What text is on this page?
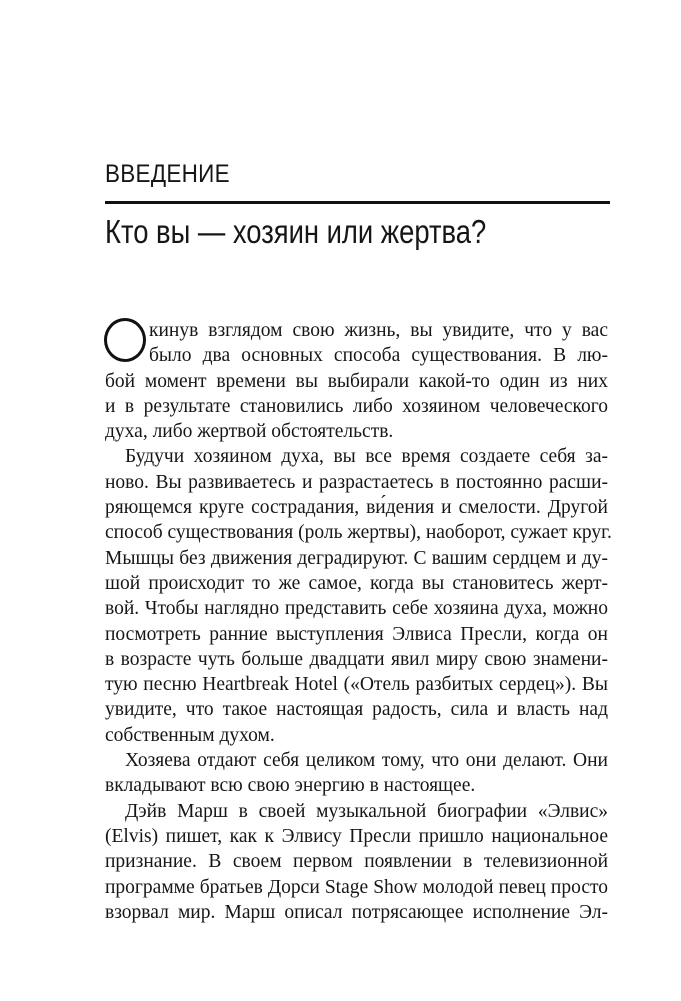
ВВЕДЕНИЕ
Кто вы — хозяин или жертва?
кинув взглядом свою жизнь, вы увидите, что у вас
было два основных способа существования. В лю-
бой момент времени вы выбирали какой-то один из них
и в результате становились либо хозяином человеческого
духа, либо жертвой обстоятельств.
Будучи хозяином духа, вы все время создаете себя за-
ново. Вы развиваетесь и разрастаетесь в постоянно расши-
ряющемся круге сострадания, ви́дения и смелости. Другой
способ существования (роль жертвы), наоборот, сужает круг.
Мышцы без движения деградируют. С вашим сердцем и ду-
шой происходит то же самое, когда вы становитесь жерт-
вой. Чтобы наглядно представить себе хозяина духа, можно
посмотреть ранние выступления Элвиса Пресли, когда он
в возрасте чуть больше двадцати явил миру свою знамени-
тую песню Heartbreak Hotel («Отель разбитых сердец»). Вы
увидите, что такое настоящая радость, сила и власть над
собственным духом.
Хозяева отдают себя целиком тому, что они делают. Они
вкладывают всю свою энергию в настоящее.
Дэйв Марш в своей музыкальной биографии «Элвис»
(Elvis) пишет, как к Элвису Пресли пришло национальное
признание. В своем первом появлении в телевизионной
программе братьев Дорси Stage Show молодой певец просто
взорвал мир. Марш описал потрясающее исполнение Эл-
